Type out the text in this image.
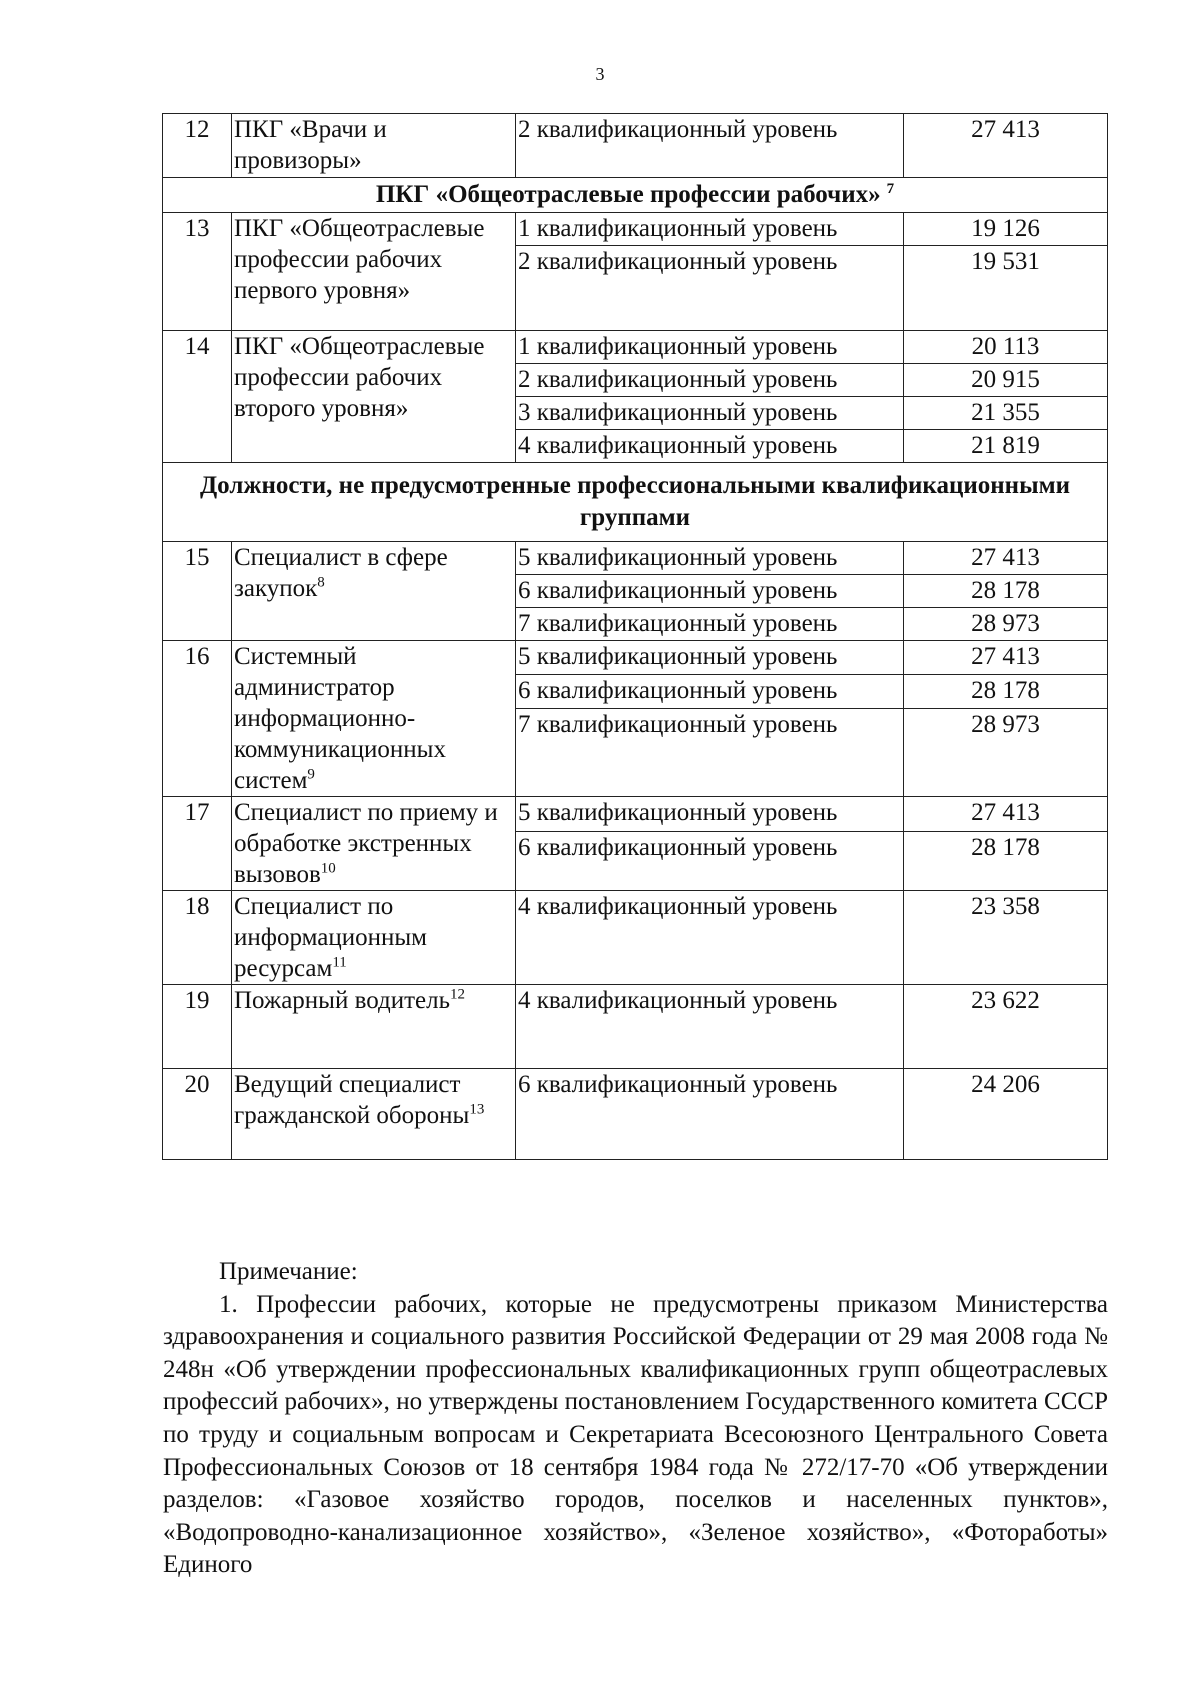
3
12	ПКГ «Врачи и провизоры»	2 квалификационный уровень	27 413
ПКГ «Общеотраслевые профессии рабочих» $^7$
13	ПКГ «Общеотраслевые профессии рабочих первого уровня»	1 квалификационный уровень	19 126
		2 квалификационный уровень	19 531
14	ПКГ «Общеотраслевые профессии рабочих второго уровня»	1 квалификационный уровень	20 113
		2 квалификационный уровень	20 915
		3 квалификационный уровень	21 355
		4 квалификационный уровень	21 819
Должности, не предусмотренные профессиональными квалификационными группами			
15	Специалист в сфере закупок$^8$	5 квалификационный уровень	27 413
		6 квалификационный уровень	28 178
		7 квалификационный уровень	28 973
16	Системный администратор информационно-коммуникационных систем$^9$	5 квалификационный уровень	27 413
		6 квалификационный уровень	28 178
		7 квалификационный уровень	28 973
17	Специалист по приему и обработке экстренных вызовов$^{10}$	5 квалификационный уровень	27 413
		6 квалификационный уровень	28 178
18	Специалист по информационным ресурсам$^{11}$	4 квалификационный уровень	23 358
19	Пожарный водитель$^{12}$	4 квалификационный уровень	23 622
20	Ведущий специалист гражданской обороны$^{13}$	6 квалификационный уровень	24 206
Примечание:

1. Профессии рабочих, которые не предусмотрены приказом Министерства здравоохранения и социального развития Российской Федерации от 29 мая 2008 года № 248н «Об утверждении профессиональных квалификационных групп общеотраслевых профессий рабочих», но утверждены постановлением Государственного комитета СССР по труду и социальным вопросам и Секретариата Всесоюзного Центрального Совета Профессиональных Союзов от 18 сентября 1984 года № 272/17-70 «Об утверждении разделов: «Газовое хозяйство городов, поселков и населенных пунктов», «Водопроводно-канализационное хозяйство», «Зеленое хозяйство», «Фотоработы» Единого
